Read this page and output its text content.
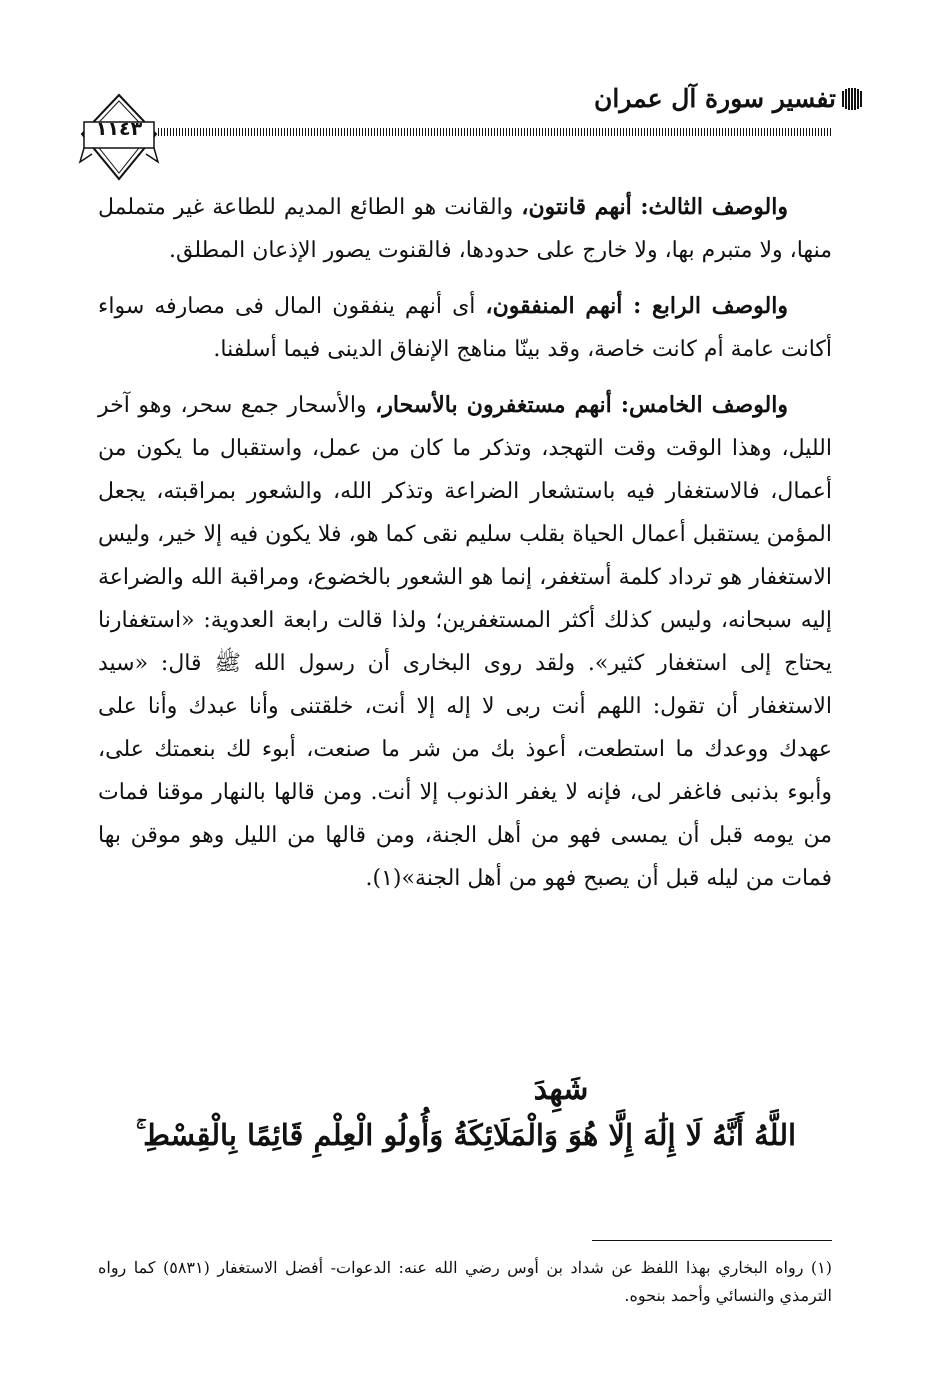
تفسير سورة آل عمران
١١٤٣

والوصف الثالث: أنهم قانتون، والقانت هو الطائع المديم للطاعة غير متململ منها، ولا متبرم بها، ولا خارج على حدودها، فالقنوت يصور الإذعان المطلق.

والوصف الرابع : أنهم المنفقون، أى أنهم ينفقون المال فى مصارفه سواء أكانت عامة أم كانت خاصة، وقد بينّا مناهج الإنفاق الدينى فيما أسلفنا.

والوصف الخامس: أنهم مستغفرون بالأسحار، والأسحار جمع سحر، وهو آخر الليل، وهذا الوقت وقت التهجد، وتذكر ما كان من عمل، واستقبال ما يكون من أعمال، فالاستغفار فيه باستشعار الضراعة وتذكر الله، والشعور بمراقبته، يجعل المؤمن يستقبل أعمال الحياة بقلب سليم نقى كما هو، فلا يكون فيه إلا خير، وليس الاستغفار هو ترداد كلمة أستغفر، إنما هو الشعور بالخضوع، ومراقبة الله والضراعة إليه سبحانه، وليس كذلك أكثر المستغفرين؛ ولذا قالت رابعة العدوية: «استغفارنا يحتاج إلى استغفار كثير». ولقد روى البخارى أن رسول الله ﷺ قال: «سيد الاستغفار أن تقول: اللهم أنت ربى لا إله إلا أنت، خلقتنى وأنا عبدك وأنا على عهدك ووعدك ما استطعت، أعوذ بك من شر ما صنعت، أبوء لك بنعمتك على، وأبوء بذنبى فاغفر لى، فإنه لا يغفر الذنوب إلا أنت. ومن قالها بالنهار موقنا فمات من يومه قبل أن يمسى فهو من أهل الجنة، ومن قالها من الليل وهو موقن بها فمات من ليله قبل أن يصبح فهو من أهل الجنة»(١).

شَهِدَ
اللَّهُ أَنَّهُ لَا إِلَٰهَ إِلَّا هُوَ وَالْمَلَائِكَةُ وَأُولُو الْعِلْمِ قَائِمًا بِالْقِسْطِ ۚ
(١) رواه البخاري بهذا اللفظ عن شداد بن أوس رضي الله عنه: الدعوات- أفضل الاستغفار (٥٨٣١) كما رواه الترمذي والنسائي وأحمد بنحوه.
